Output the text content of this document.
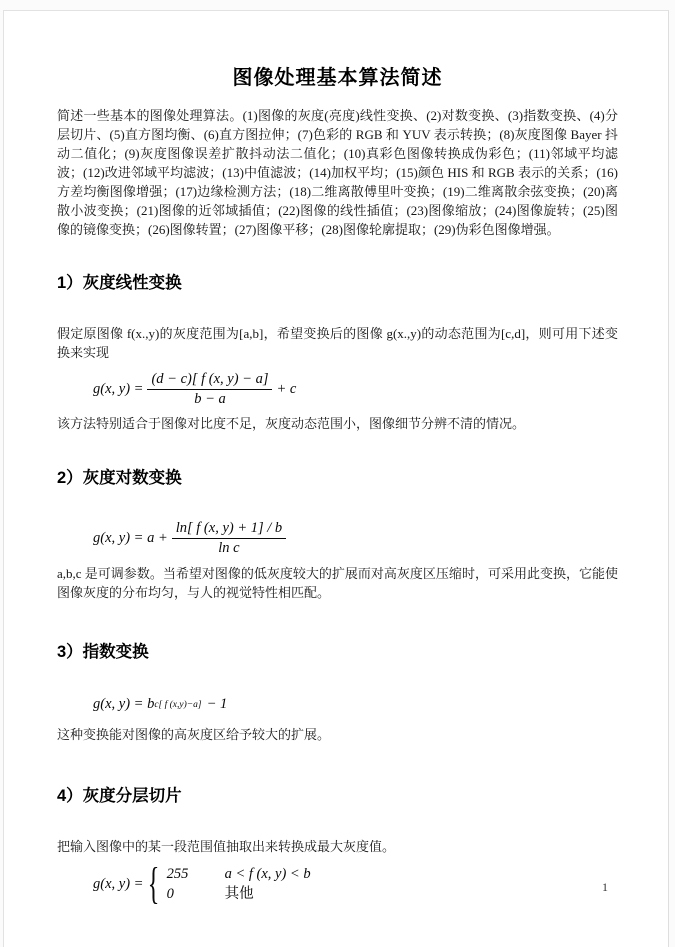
图像处理基本算法简述

简述一些基本的图像处理算法。(1)图像的灰度(亮度)线性变换、(2)对数变换、(3)指数变换、(4)分层切片、(5)直方图均衡、(6)直方图拉伸；(7)色彩的 RGB 和 YUV 表示转换；(8)灰度图像 Bayer 抖动二值化；(9)灰度图像误差扩散抖动法二值化；(10)真彩色图像转换成伪彩色；(11)邻域平均滤波；(12)改进邻域平均滤波；(13)中值滤波；(14)加权平均；(15)颜色 HIS 和 RGB 表示的关系；(16)方差均衡图像增强；(17)边缘检测方法；(18)二维离散傅里叶变换；(19)二维离散余弦变换；(20)离散小波变换；(21)图像的近邻域插值；(22)图像的线性插值；(23)图像缩放；(24)图像旋转；(25)图像的镜像变换；(26)图像转置；(27)图像平移；(28)图像轮廓提取；(29)伪彩色图像增强。

1）灰度线性变换

假定原图像 f(x.,y)的灰度范围为[a,b]，希望变换后的图像 g(x.,y)的动态范围为[c,d]，则可用下述变换来实现

g(x, $y) = \frac{(d - c)[ f (x, y) - a]}{b - a} + c$

该方法特别适合于图像对比度不足，灰度动态范围小，图像细节分辨不清的情况。

2）灰度对数变换
g(x, $y) = a + \frac{\ln[ f (x, y) + 1] / b}{\text{ln c}}$

a,b,c 是可调参数。当希望对图像的低灰度较大的扩展而对高灰度区压缩时，可采用此变换，它能使图像灰度的分布均匀，与人的视觉特性相匹配。

3）指数变换
g(x, y) = b c[ f (x,y)−a] − 1

这种变换能对图像的高灰度区给予较大的扩展。

4）灰度分层切片

把输入图像中的某一段范围值抽取出来转换成最大灰度值。

g(x, y) = { 255	a < f (x, y) < b
0	其他	1
